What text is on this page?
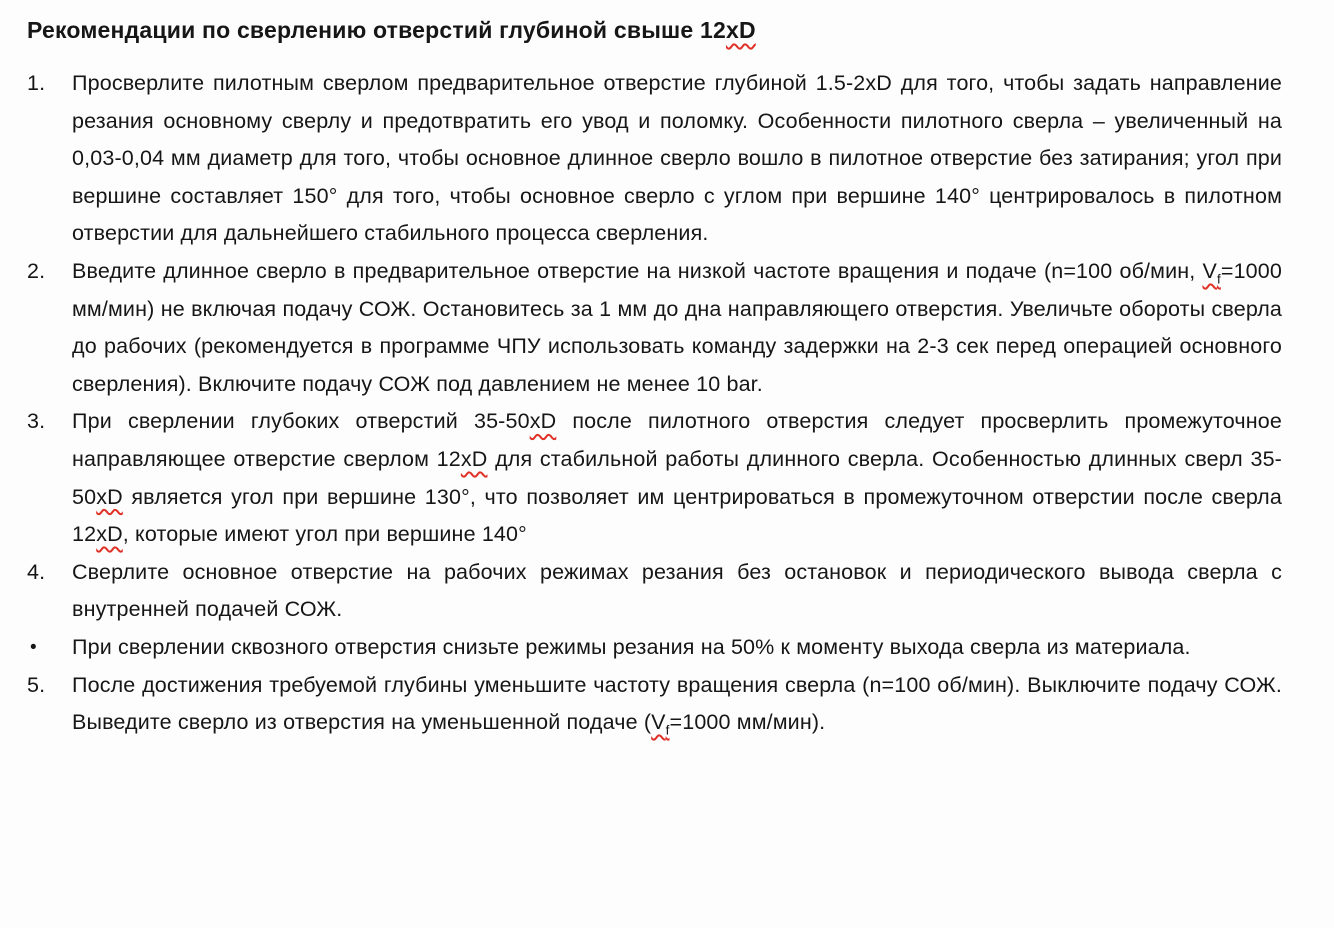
Рекомендации по сверлению отверстий глубиной свыше 12xD
1. Просверлите пилотным сверлом предварительное отверстие глубиной 1.5-2xD для того, чтобы задать направление резания основному сверлу и предотвратить его увод и поломку. Особенности пилотного сверла – увеличенный на 0,03-0,04 мм диаметр для того, чтобы основное длинное сверло вошло в пилотное отверстие без затирания; угол при вершине составляет 150° для того, чтобы основное сверло с углом при вершине 140° центрировалось в пилотном отверстии для дальнейшего стабильного процесса сверления.
2. Введите длинное сверло в предварительное отверстие на низкой частоте вращения и подаче (n=100 об/мин, $V_f=1000$ мм/мин) не включая подачу СОЖ. Остановитесь за 1 мм до дна направляющего отверстия. Увеличьте обороты сверла до рабочих (рекомендуется в программе ЧПУ использовать команду задержки на 2-3 сек перед операцией основного сверления). Включите подачу СОЖ под давлением не менее 10 bar.
3. При сверлении глубоких отверстий 35-50xD после пилотного отверстия следует просверлить промежуточное направляющее отверстие сверлом 12xD для стабильной работы длинного сверла. Особенностью длинных сверл 35-50xD является угол при вершине 130°, что позволяет им центрироваться в промежуточном отверстии после сверла 12xD, которые имеют угол при вершине 140°
4. Сверлите основное отверстие на рабочих режимах резания без остановок и периодического вывода сверла с внутренней подачей СОЖ.
• При сверлении сквозного отверстия снизьте режимы резания на 50% к моменту выхода сверла из материала.
5. После достижения требуемой глубины уменьшите частоту вращения сверла (n=100 об/мин). Выключите подачу СОЖ. Выведите сверло из отверстия на уменьшенной подаче ($V_f=1000$ мм/мин).
